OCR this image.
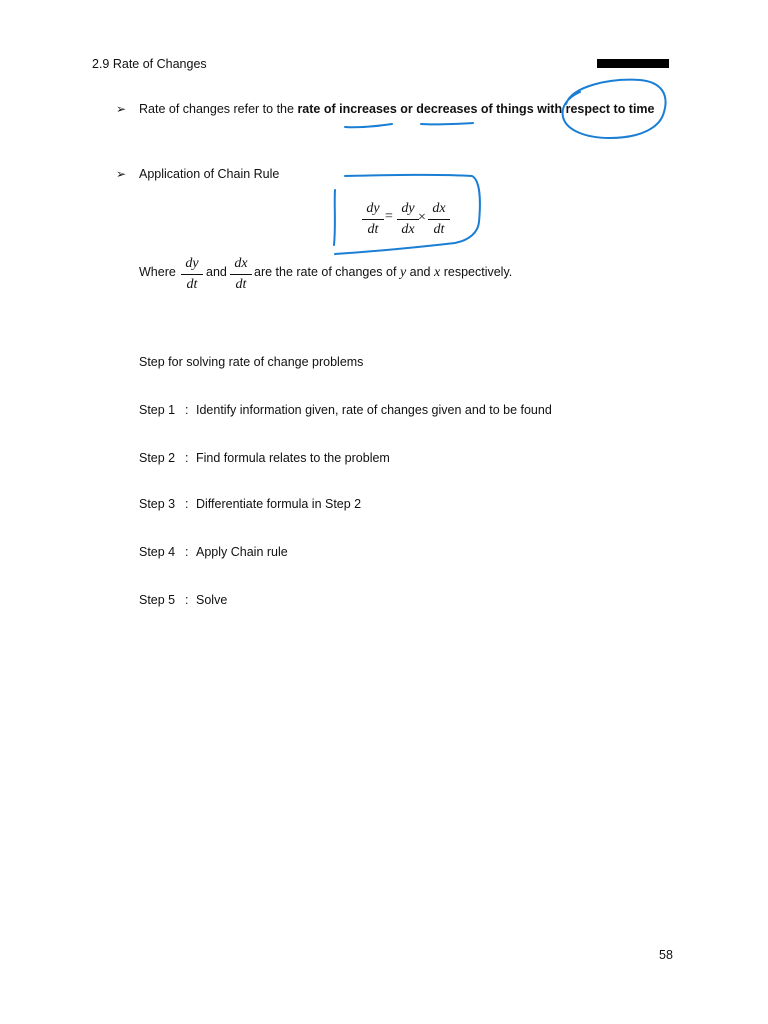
2.9 Rate of Changes
➢ Rate of changes refer to the rate of increases or decreases of things with respect to time
➢ Application of Chain Rule
dy
dt
=
dy
dx
×
dx
dt
Where
dy
dt
and
dx
dt
are the rate of changes of y and x respectively.
Step for solving rate of change problems
Step 1 : Identify information given, rate of changes given and to be found
Step 2 : Find formula relates to the problem
Step 3 : Differentiate formula in Step 2
Step 4 : Apply Chain rule
Step 5 : Solve
58
